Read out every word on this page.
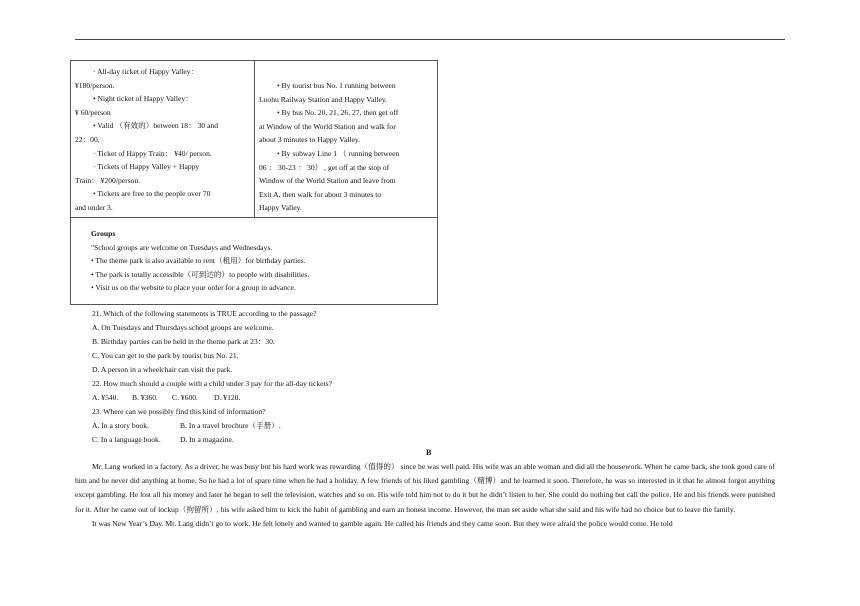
· All-day ticket of Happy Valley：

¥180/person.

• Night ticket of Happy Valley：

¥ 60/person

• Valid （有效的）between 18： 30 and

22：00.

· Ticket of Happy Train： ¥40/ person.

· Tickets of Happy Valley + Happy

Train： ¥200/person.

• Tickets are free to the people over 70

and under 3.

• By tourist bus No. 1 running between

Luohu Railway Station and Happy Valley.

• By bus No. 20, 21, 26, 27, then get off

at Window of the World Station and walk for

about 3 minutes to Happy Valley.

• By subway Line 1 （ running between

06 ： 30-23 ： 30） , get off at the stop of

Window of the World Station and leave from

Exit A, then walk for about 3 minutes to

Happy Valley.

Groups

"School groups are welcome on Tuesdays and Wednesdays.

• The theme park is also available to rent（租用）for birthday parties.

• The park is totally accessible（可到达的）to people with disabilities.

• Visit us on the website to place your order for a group in advance.

21. Which of the following statements is TRUE according to the passage?

A. On Tuesdays and Thursdays school groups are welcome.

B. Birthday parties can be held in the theme park at 23：30.

C. You can get to the park by tourist bus No. 21.

D. A person in a wheelchair can visit the park.

22. How much should a couple with a child under 3 pay for the all-day tickets?

A. ¥540. B. ¥360. C. ¥600. D. ¥120.

23. Where can we possibly find this kind of information?

A. In a story book.	B. In a travel brochure（手册）.

C. In a language book.	D. In a magazine.

B

Mr. Lang worked in a factory. As a driver, he was busy but his hard work was rewarding（值得的） since he was well paid. His wife was an able woman and did all the housework. When he came back, she took good care of him and he never did anything at home. So he had a lot of spare time when he had a holiday. A few friends of his liked gambling（赌博）and he learned it soon. Therefore, he was so interested in it that he almost forgot anything except gambling. He lost all his money and later he began to sell the television, watches and so on. His wife told him not to do it but he didn’t listen to her. She could do nothing but call the police. He and his friends were punished for it. After he came out of lockup（拘留所）, his wife asked him to kick the habit of gambling and earn an honest income. However, the man set aside what she said and his wife had no choice but to leave the family.

It was New Year’s Day. Mr. Lang didn’t go to work. He felt lonely and wanted to gamble again. He called his friends and they came soon. But they were afraid the police would come. He told
